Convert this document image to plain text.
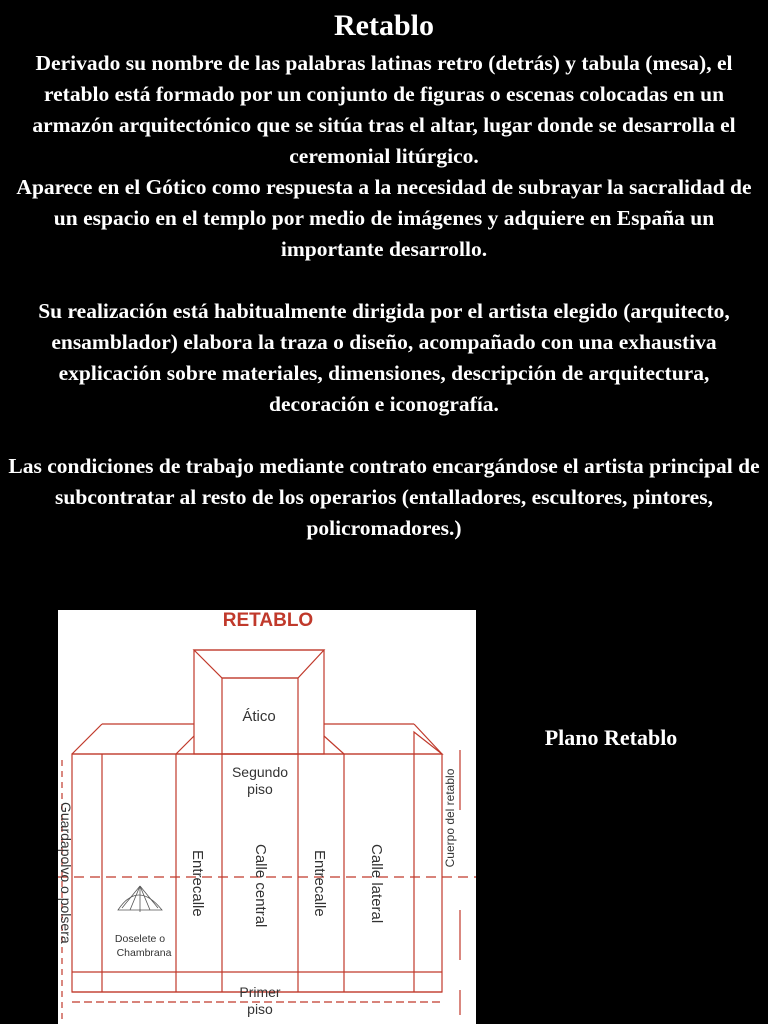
Retablo

Derivado su nombre de las palabras latinas retro (detrás) y tabula (mesa), el retablo está formado por un conjunto de figuras o escenas colocadas en un armazón arquitectónico que se sitúa tras el altar, lugar donde se desarrolla el ceremonial litúrgico.

Aparece en el Gótico como respuesta a la necesidad de subrayar la sacralidad de un espacio en el templo por medio de imágenes y adquiere en España un importante desarrollo.

Su realización está habitualmente dirigida por el artista elegido (arquitecto, ensamblador) elabora la traza o diseño, acompañado con una exhaustiva explicación sobre materiales, dimensiones, descripción de arquitectura, decoración e iconografía.

Las condiciones de trabajo mediante contrato encargándose el artista principal de subcontratar al resto de los operarios (entalladores, escultores, pintores, policromadores.)

RETABLO
Ático
Segundo
piso
Primer
piso
Guardapolvo o polsera	Entrecalle	Calle central	Entrecalle	Calle lateral
Cuerpo del retablo
Doselete o
Chambrana
Plano Retablo
